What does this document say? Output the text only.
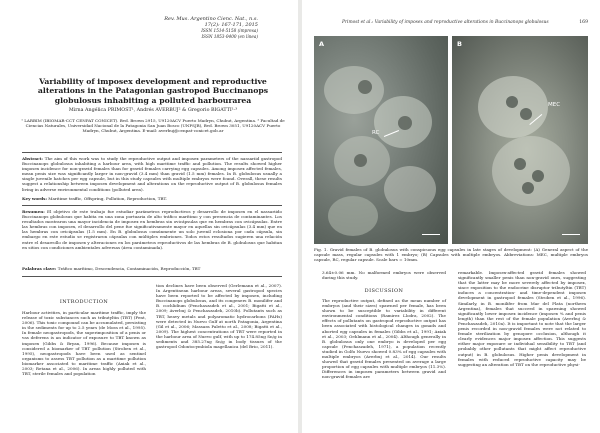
Rev. Mus. Argentino Cienc. Nat., n.s.
17(2): 167-171, 2015
ISSN 1514-5158 (impresa)
ISSN 1853-0400 (en línea)
Variability of imposex development and reproductive alterations in the Patagonian gastropod Buccinanops globulosus inhabiting a polluted harbourarea
Mirna Angélica PRIMOST¹, Andrés AVERBUJ² & Gregorio BIGATTI¹·³
¹ LARBIM (IBIOMAR-CCT CENPAT CONICET). Bvd. Brown 2915, U9120ACV Puerto Madryn, Chubut, Argentina. ² Facultad de Ciencias Naturales, Universidad Nacional de la Patagonia San Juan Bosco (UNPSJB), Bvd. Brown 3051, U9120ACV Puerto Madryn, Chubut, Argentina. E-mail: averbuj@cenpat-conicet.gob.ar
Abstract: The aim of this work was to study the reproductive output and imposex parameters of the nassariid gastropod Buccinanops globulosus inhabiting a harbour area, with high maritime traffic and pollution. The results showed higher imposex incidence for non-gravid females than for gravid females carrying egg capsules. Among imposex affected females, mean penis size was significantly larger in non-gravid (3.4 mm) than gravid (1.5 mm) females. In B. globulosus usually a single juvenile hatches per egg capsule, but in this study capsules with multiple embryos were found. Overall, these results suggest a relationship between imposex development and alterations on the reproductive output of B. globulosus females living in adverse environmental conditions (polluted area).
Key words: Maritime traffic, Offspring, Pollution, Reproduction, TBT.
Resumen: El objetivo de este trabajo fue estudiar parámetros reproductivos y desarrollo de imposex en el nassariido Buccinanops globulosus que habita en una zona portuaria de alto tráfico marítimo y con presencia de contaminantes. Los resultados mostraron una mayor incidencia de imposex en hembras sin ovicápsulas que en hembras con ovicápsulas. Entre las hembras con imposex, el desarrollo del pene fue significativamente mayor en aquellas sin ovicápsulas (3.4 mm) que en las hembras con ovicápsulas (1.5 mm). En B. globulosus comúnmente un solo juvenil eclosiona por cada cápsula, sin embargo en este estudio se registraron cápsulas con múltiples embriones. Todos estos resultados sugieren una relación entre el desarrollo de imposex y alteraciones en los parámetros reproductivos de las hembras de B. globulosus que habitan en sitios con condiciones ambientales adversas (área contaminada).
Palabras clave: Tráfico marítimo, Descendencia, Contaminación, Reproducción, TBT
INTRODUCTION
Harbour activities, in particular maritime traffic, imply the release of toxic substances such as tributyltin (TBT) (Fent, 2006). This toxic compound can be accumulated, persisting in the sediments for up to 2.5 years (de Mora et al., 1995). In female neogastropods, the superimposition of a penis or vas deferens is an indicator of exposure to TBT known as imposex (Gibbs & Bryan, 1996). Because imposex is considered a biomarker of TBT pollution (Stroben et al., 1995), neogastropods have been used as sentinel organisms to assess TBT pollution as a maritime pollution biomarker associated to maritime traffic (Axiak et al., 2003; Retana et al., 2006). In areas highly polluted with TBT, sterile females and population
tion declines have been observed (Gerlemann et al., 2007). In Argentinean harbour areas, several gastropod species have been reported to be affected by imposex, including Buccinanops globulosus, and its congeners B. monilifer and B. cochlidium (Penchaszadeh et al., 2001; Bigatti et al., 2009; Averbuj & Penchaszadeh, 2010b). Pollutants such as TBT, heavy metals and polyaromatic hydrocarbons (PAHs) were detected in Nuevo Gulf at north Patagonia, Argentina (Gil et al., 2006; Massara Paletto et al., 2008; Bigatti et al., 2009). The highest concentrations of TBT were reported in the harbour area of Nuevo gulf, with up to 174.85ng Sn/g in sediments and 385.27ng Sn/g in body tissues of the gastropod Odontocymbiola magellanica (del Brio, 2011).
Primost et al.: Variability of imposex and reproductive alterations in Buccinanops globulosus	169
A
RC
B
MEC
Fig. 1. Gravid females of B. globulosus with conspicuous egg capsules in late stages of development: (A) General aspect of the capsule mass, regular capsules with 1 embryo; (B) Capsules with multiple embryos. Abbreviations: MEC, multiple embryos capsule, RC, regular capsule. Scale bars = 10mm.
3.64±0.06 mm. No malformed embryos were observed during this study.
DISCUSSION
The reproductive output, defined as the mean number of embryos (and their sizes) spawned per female, has been shown to be susceptible to variability in different environmental conditions (Ramirez Llodra, 2002). The effects of pollutants on gastropod reproductive output has been associated with histological changes in gonads and aborted egg capsules in females (Gibbs et al., 1991; Axiak et al., 2003; Oehlmann et al., 2004). Although generally in B. globulosus only one embryo is developed per egg capsule (Penchaszadeh, 1971), a population recently studied in Golfo Nuevo showed 0.83% of egg capsules with multiple embryos (Averbuj et al., 2014). Our results showed that gravid females presented on average a large proportion of egg capsules with multiple embryos (11.3%). Differences in imposex parameters between gravid and non-gravid females are
remarkable. Imposex-affected gravid females showed significantly smaller penis than non-gravid ones, suggesting that the latter may be more severely affected by imposex, since exposition to the endocrine disruptor tributyltin (TBT) induces a concentration- and time-dependent imposex development in gastropod females (Stroben et al., 1996). Similarly, in B. monilifer from Mar del Plata (northern Argentina), females that succeed in spawning showed significantly lower imposex incidence (imposex % and penis length) than the rest of the female population (Averbuj & Penchaszadeh, 2010a). It is important to note that the larger penis recorded in non-gravid females were not related to female sterilization by genopore occlusion, although it clearly evidences major imposex affection. This suggests either major exposure or individual sensibility to TBT (and probably other pollutants that might affect reproductive output) in B. globulosus. Higher penis development in females with reduced reproductive capacity may be suggesting an alteration of TBT on the reproductive physi-
